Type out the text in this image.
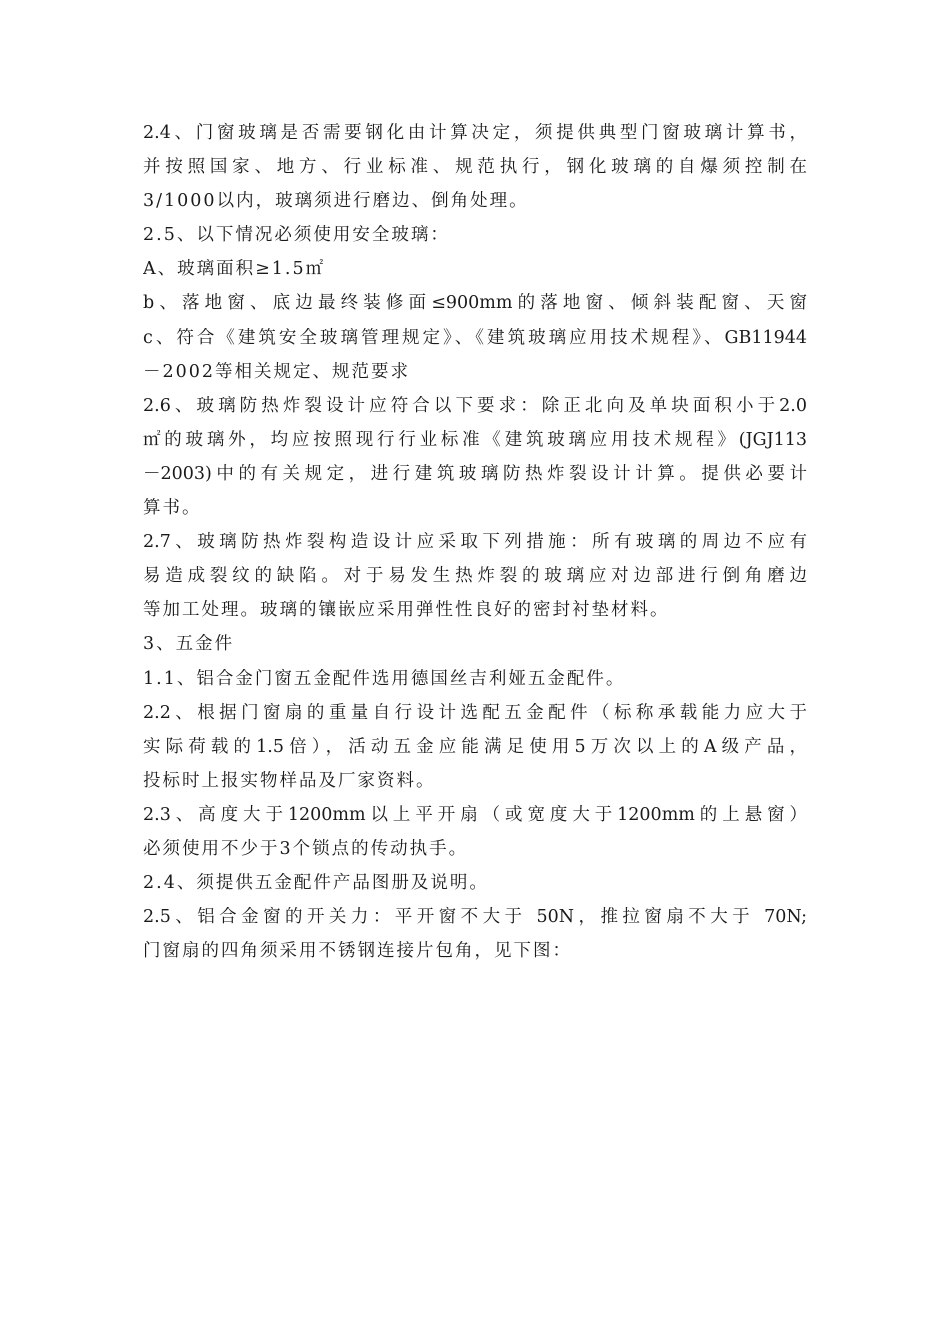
2.4、门窗玻璃是否需要钢化由计算决定，须提供典型门窗玻璃计算书，
并按照国家、地方、行业标准、规范执行，钢化玻璃的自爆须控制在
3/1000以内，玻璃须进行磨边、倒角处理。
2.5、以下情况必须使用安全玻璃：
A、玻璃面积≥1.5㎡
b、落地窗、底边最终装修面≤900mm的落地窗、倾斜装配窗、天窗
c、符合《建筑安全玻璃管理规定》、《建筑玻璃应用技术规程》、GB11944
－2002等相关规定、规范要求
2.6、玻璃防热炸裂设计应符合以下要求：除正北向及单块面积小于2.0
㎡的玻璃外，均应按照现行行业标准《建筑玻璃应用技术规程》(JGJ113
－2003)中的有关规定，进行建筑玻璃防热炸裂设计计算。提供必要计
算书。
2.7、玻璃防热炸裂构造设计应采取下列措施：所有玻璃的周边不应有
易造成裂纹的缺陷。对于易发生热炸裂的玻璃应对边部进行倒角磨边
等加工处理。玻璃的镶嵌应采用弹性性良好的密封衬垫材料。
3、五金件
1.1、铝合金门窗五金配件选用德国丝吉利娅五金配件。
2.2、根据门窗扇的重量自行设计选配五金配件（标称承载能力应大于
实际荷载的1.5倍），活动五金应能满足使用5万次以上的A级产品，
投标时上报实物样品及厂家资料。
2.3、高度大于1200mm以上平开扇（或宽度大于1200mm的上悬窗）
必须使用不少于3个锁点的传动执手。
2.4、须提供五金配件产品图册及说明。
2.5、铝合金窗的开关力：平开窗不大于 50N，推拉窗扇不大于 70N;
门窗扇的四角须采用不锈钢连接片包角，见下图：
